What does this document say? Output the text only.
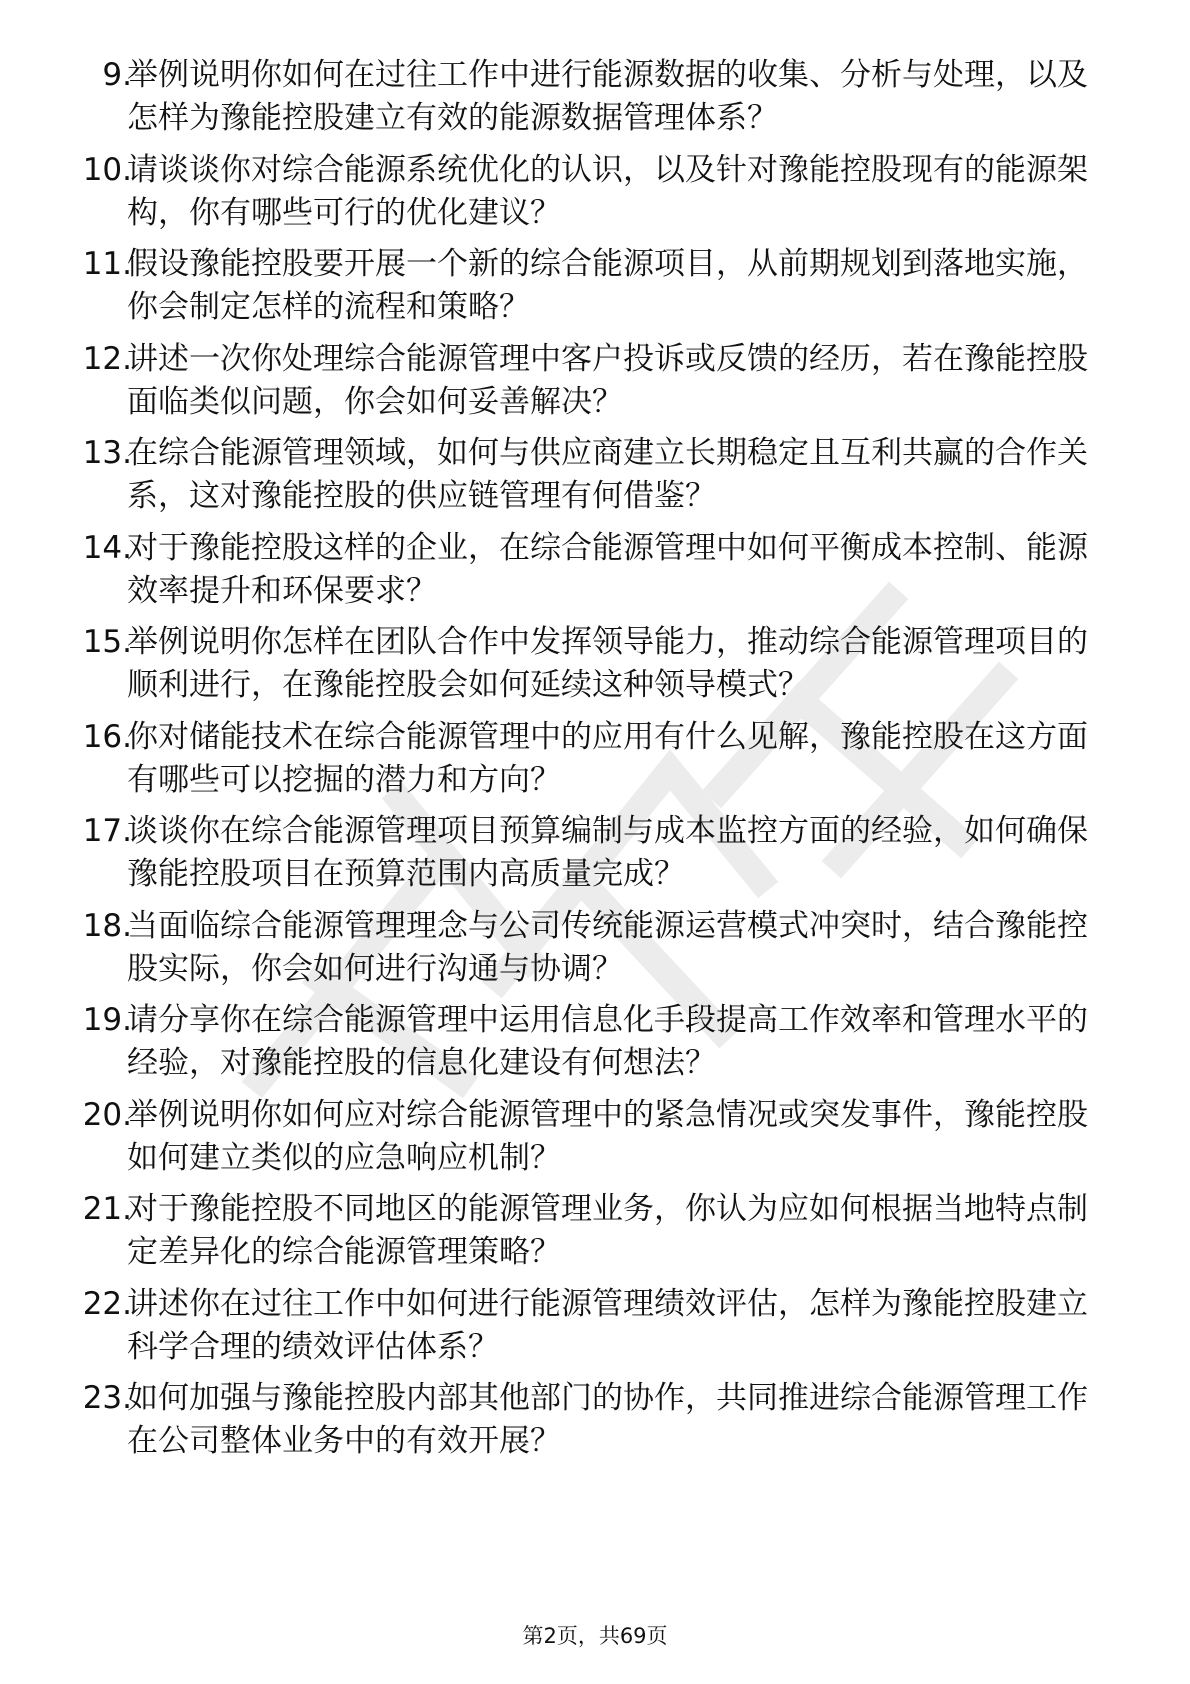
9.

举例说明你如何在过往工作中进行能源数据的收集、分析与处理，以及怎样为豫能控股建立有效的能源数据管理体系？

10.

请谈谈你对综合能源系统优化的认识，以及针对豫能控股现有的能源架构，你有哪些可行的优化建议？

11.

假设豫能控股要开展一个新的综合能源项目，从前期规划到落地实施，你会制定怎样的流程和策略？

12.

讲述一次你处理综合能源管理中客户投诉或反馈的经历，若在豫能控股面临类似问题，你会如何妥善解决？

13.

在综合能源管理领域，如何与供应商建立长期稳定且互利共赢的合作关系，这对豫能控股的供应链管理有何借鉴？

14.

对于豫能控股这样的企业，在综合能源管理中如何平衡成本控制、能源效率提升和环保要求？

15.

举例说明你怎样在团队合作中发挥领导能力，推动综合能源管理项目的顺利进行，在豫能控股会如何延续这种领导模式？

16.

你对储能技术在综合能源管理中的应用有什么见解，豫能控股在这方面有哪些可以挖掘的潜力和方向？

17.

谈谈你在综合能源管理项目预算编制与成本监控方面的经验，如何确保豫能控股项目在预算范围内高质量完成？

18.

当面临综合能源管理理念与公司传统能源运营模式冲突时，结合豫能控股实际，你会如何进行沟通与协调？

19.

请分享你在综合能源管理中运用信息化手段提高工作效率和管理水平的经验，对豫能控股的信息化建设有何想法？

20.

举例说明你如何应对综合能源管理中的紧急情况或突发事件，豫能控股如何建立类似的应急响应机制？

21.

对于豫能控股不同地区的能源管理业务，你认为应如何根据当地特点制定差异化的综合能源管理策略？

22.

讲述你在过往工作中如何进行能源管理绩效评估，怎样为豫能控股建立科学合理的绩效评估体系？

23.

如何加强与豫能控股内部其他部门的协作，共同推进综合能源管理工作在公司整体业务中的有效开展？

第2页，共69页
